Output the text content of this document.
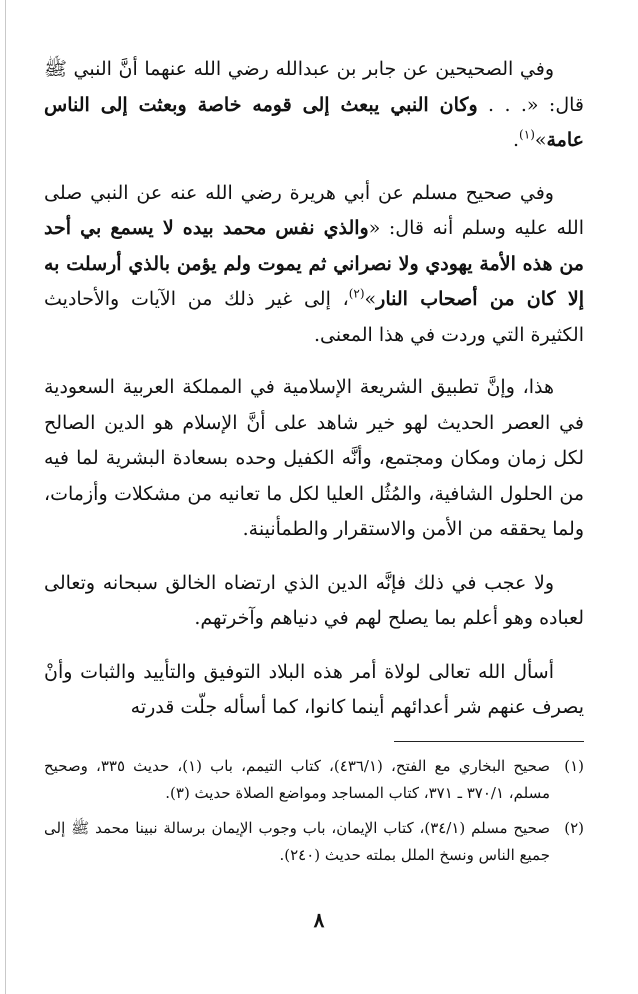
وفي الصحيحين عن جابر بن عبدالله رضي الله عنهما أنَّ النبي ﷺ قال: «. . . وكان النبي يبعث إلى قومه خاصة وبعثت إلى الناس عامة»$^{(١)}$.

وفي صحيح مسلم عن أبي هريرة رضي الله عنه عن النبي صلى الله عليه وسلم أنه قال: «والذي نفس محمد بيده لا يسمع بي أحد من هذه الأمة يهودي ولا نصراني ثم يموت ولم يؤمن بالذي أرسلت به إلا كان من أصحاب النار»$^{(٢)}$، إلى غير ذلك من الآيات والأحاديث الكثيرة التي وردت في هذا المعنى.

هذا، وإنَّ تطبيق الشريعة الإسلامية في المملكة العربية السعودية في العصر الحديث لهو خير شاهد على أنَّ الإسلام هو الدين الصالح لكل زمان ومكان ومجتمع، وأنَّه الكفيل وحده بسعادة البشرية لما فيه من الحلول الشافية، والمُثُل العليا لكل ما تعانيه من مشكلات وأزمات، ولما يحققه من الأمن والاستقرار والطمأنينة.

ولا عجب في ذلك فإنَّه الدين الذي ارتضاه الخالق سبحانه وتعالى لعباده وهو أعلم بما يصلح لهم في دنياهم وآخرتهم.

أسأل الله تعالى لولاة أمر هذه البلاد التوفيق والتأييد والثبات وأنْ يصرف عنهم شر أعدائهم أينما كانوا، كما أسأله جلّت قدرته

(١)
صحيح البخاري مع الفتح، (٤٣٦/١)، كتاب التيمم، باب (١)، حديث ٣٣٥، وصحيح مسلم، ٣٧٠/١ ـ ٣٧١، كتاب المساجد ومواضع الصلاة حديث (٣).
(٢)
صحيح مسلم (٣٤/١)، كتاب الإيمان، باب وجوب الإيمان برسالة نبينا محمد ﷺ إلى جميع الناس ونسخ الملل بملته حديث (٢٤٠).
٨
